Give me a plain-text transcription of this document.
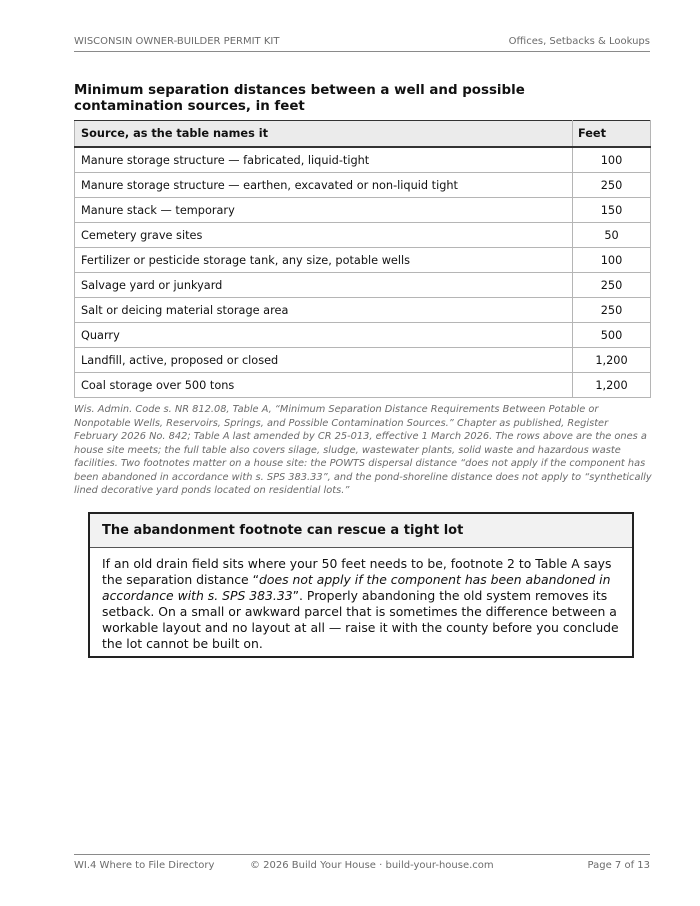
WISCONSIN OWNER-BUILDER PERMIT KIT	Offices, Setbacks & Lookups
Minimum separation distances between a well and possible contamination sources, in feet
Source, as the table names it	Feet
Manure storage structure — fabricated, liquid-tight	100
Manure storage structure — earthen, excavated or non-liquid tight	250
Manure stack — temporary	150
Cemetery grave sites	50
Fertilizer or pesticide storage tank, any size, potable wells	100
Salvage yard or junkyard	250
Salt or deicing material storage area	250
Quarry	500
Landfill, active, proposed or closed	1,200
Coal storage over 500 tons	1,200
Wis. Admin. Code s. NR 812.08, Table A, “Minimum Separation Distance Requirements Between Potable or Nonpotable Wells, Reservoirs, Springs, and Possible Contamination Sources.” Chapter as published, Register February 2026 No. 842; Table A last amended by CR 25-013, effective 1 March 2026. The rows above are the ones a house site meets; the full table also covers silage, sludge, wastewater plants, solid waste and hazardous waste facilities. Two footnotes matter on a house site: the POWTS dispersal distance “does not apply if the component has been abandoned in accordance with s. SPS 383.33”, and the pond-shoreline distance does not apply to “synthetically lined decorative yard ponds located on residential lots.”
The abandonment footnote can rescue a tight lot
If an old drain field sits where your 50 feet needs to be, footnote 2 to Table A says the separation distance “does not apply if the component has been abandoned in accordance with s. SPS 383.33”. Properly abandoning the old system removes its setback. On a small or awkward parcel that is sometimes the difference between a workable layout and no layout at all — raise it with the county before you conclude the lot cannot be built on.
WI.4 Where to File Directory	© 2026 Build Your House · build-your-house.com	Page 7 of 13
